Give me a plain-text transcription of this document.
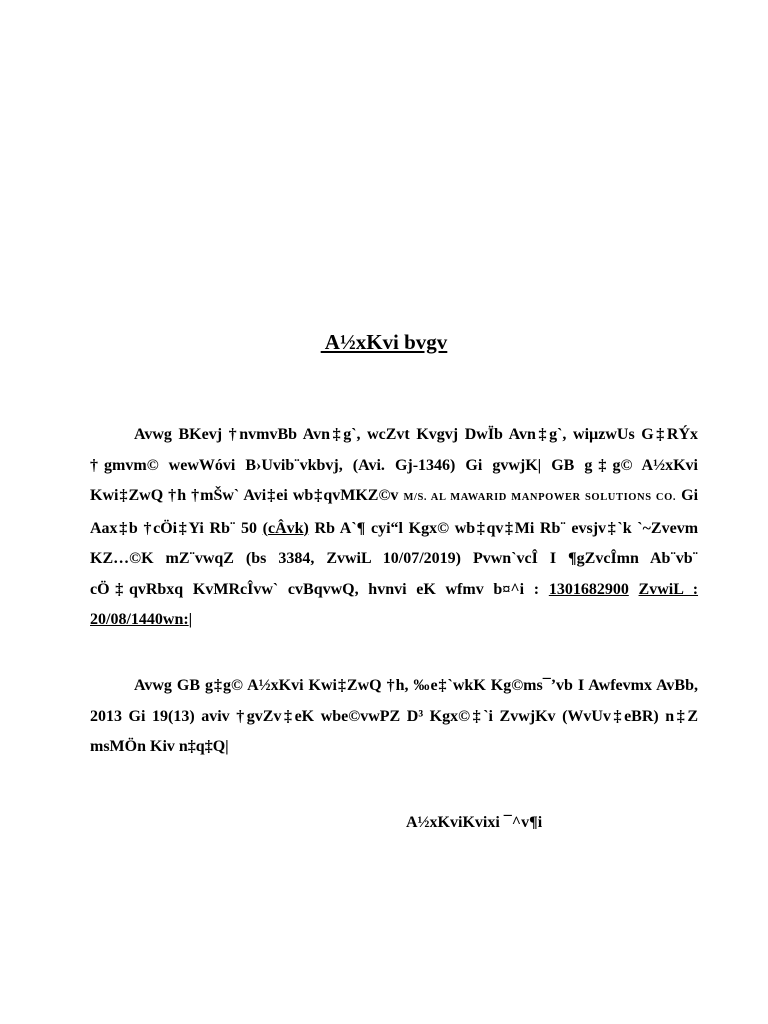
A½xKvi bvgv
Avwg BKevj †nvmvBb Avn‡g`, wcZvt Kvgvj DwÏb Avn‡g`, wiµzwUs G‡RÝx †gmvm© wewWóvi B›Uvib¨vkbvj, (Avi. Gj-1346) Gi gvwjK| GB g‡g© A½xKvi Kwi‡ZwQ †h †mŠw` Avi‡ei wb‡qvMKZ©v M/S. AL MAWARID MANPOWER SOLUTIONS CO. Gi Aax‡b †cÖi‡Yi Rb¨ 50 (cÂvk) Rb A`¶ cyi“l Kgx© wb‡qv‡Mi Rb¨ evsjv‡`k `~Zvevm KZ…©K mZ¨vwqZ (bs 3384, ZvwiL 10/07/2019) Pvwn`vcÎ I ¶gZvcÎmn Ab¨vb¨ cÖ‡qvRbxq KvMRcÎvw` cvBqvwQ, hvnvi eK wfmv b¤^i : 1301682900 ZvwiL : 20/08/1440wn:|
Avwg GB g‡g© A½xKvi Kwi‡ZwQ †h, ‰e‡`wkK Kg©ms¯’vb I Awfevmx AvBb, 2013 Gi 19(13) aviv †gvZv‡eK wbe©vwPZ D³ Kgx©‡`i ZvwjKv (WvUv‡eBR) n‡Z msMÖn Kiv n‡q‡Q|
A½xKviKvixi ¯^v¶i
